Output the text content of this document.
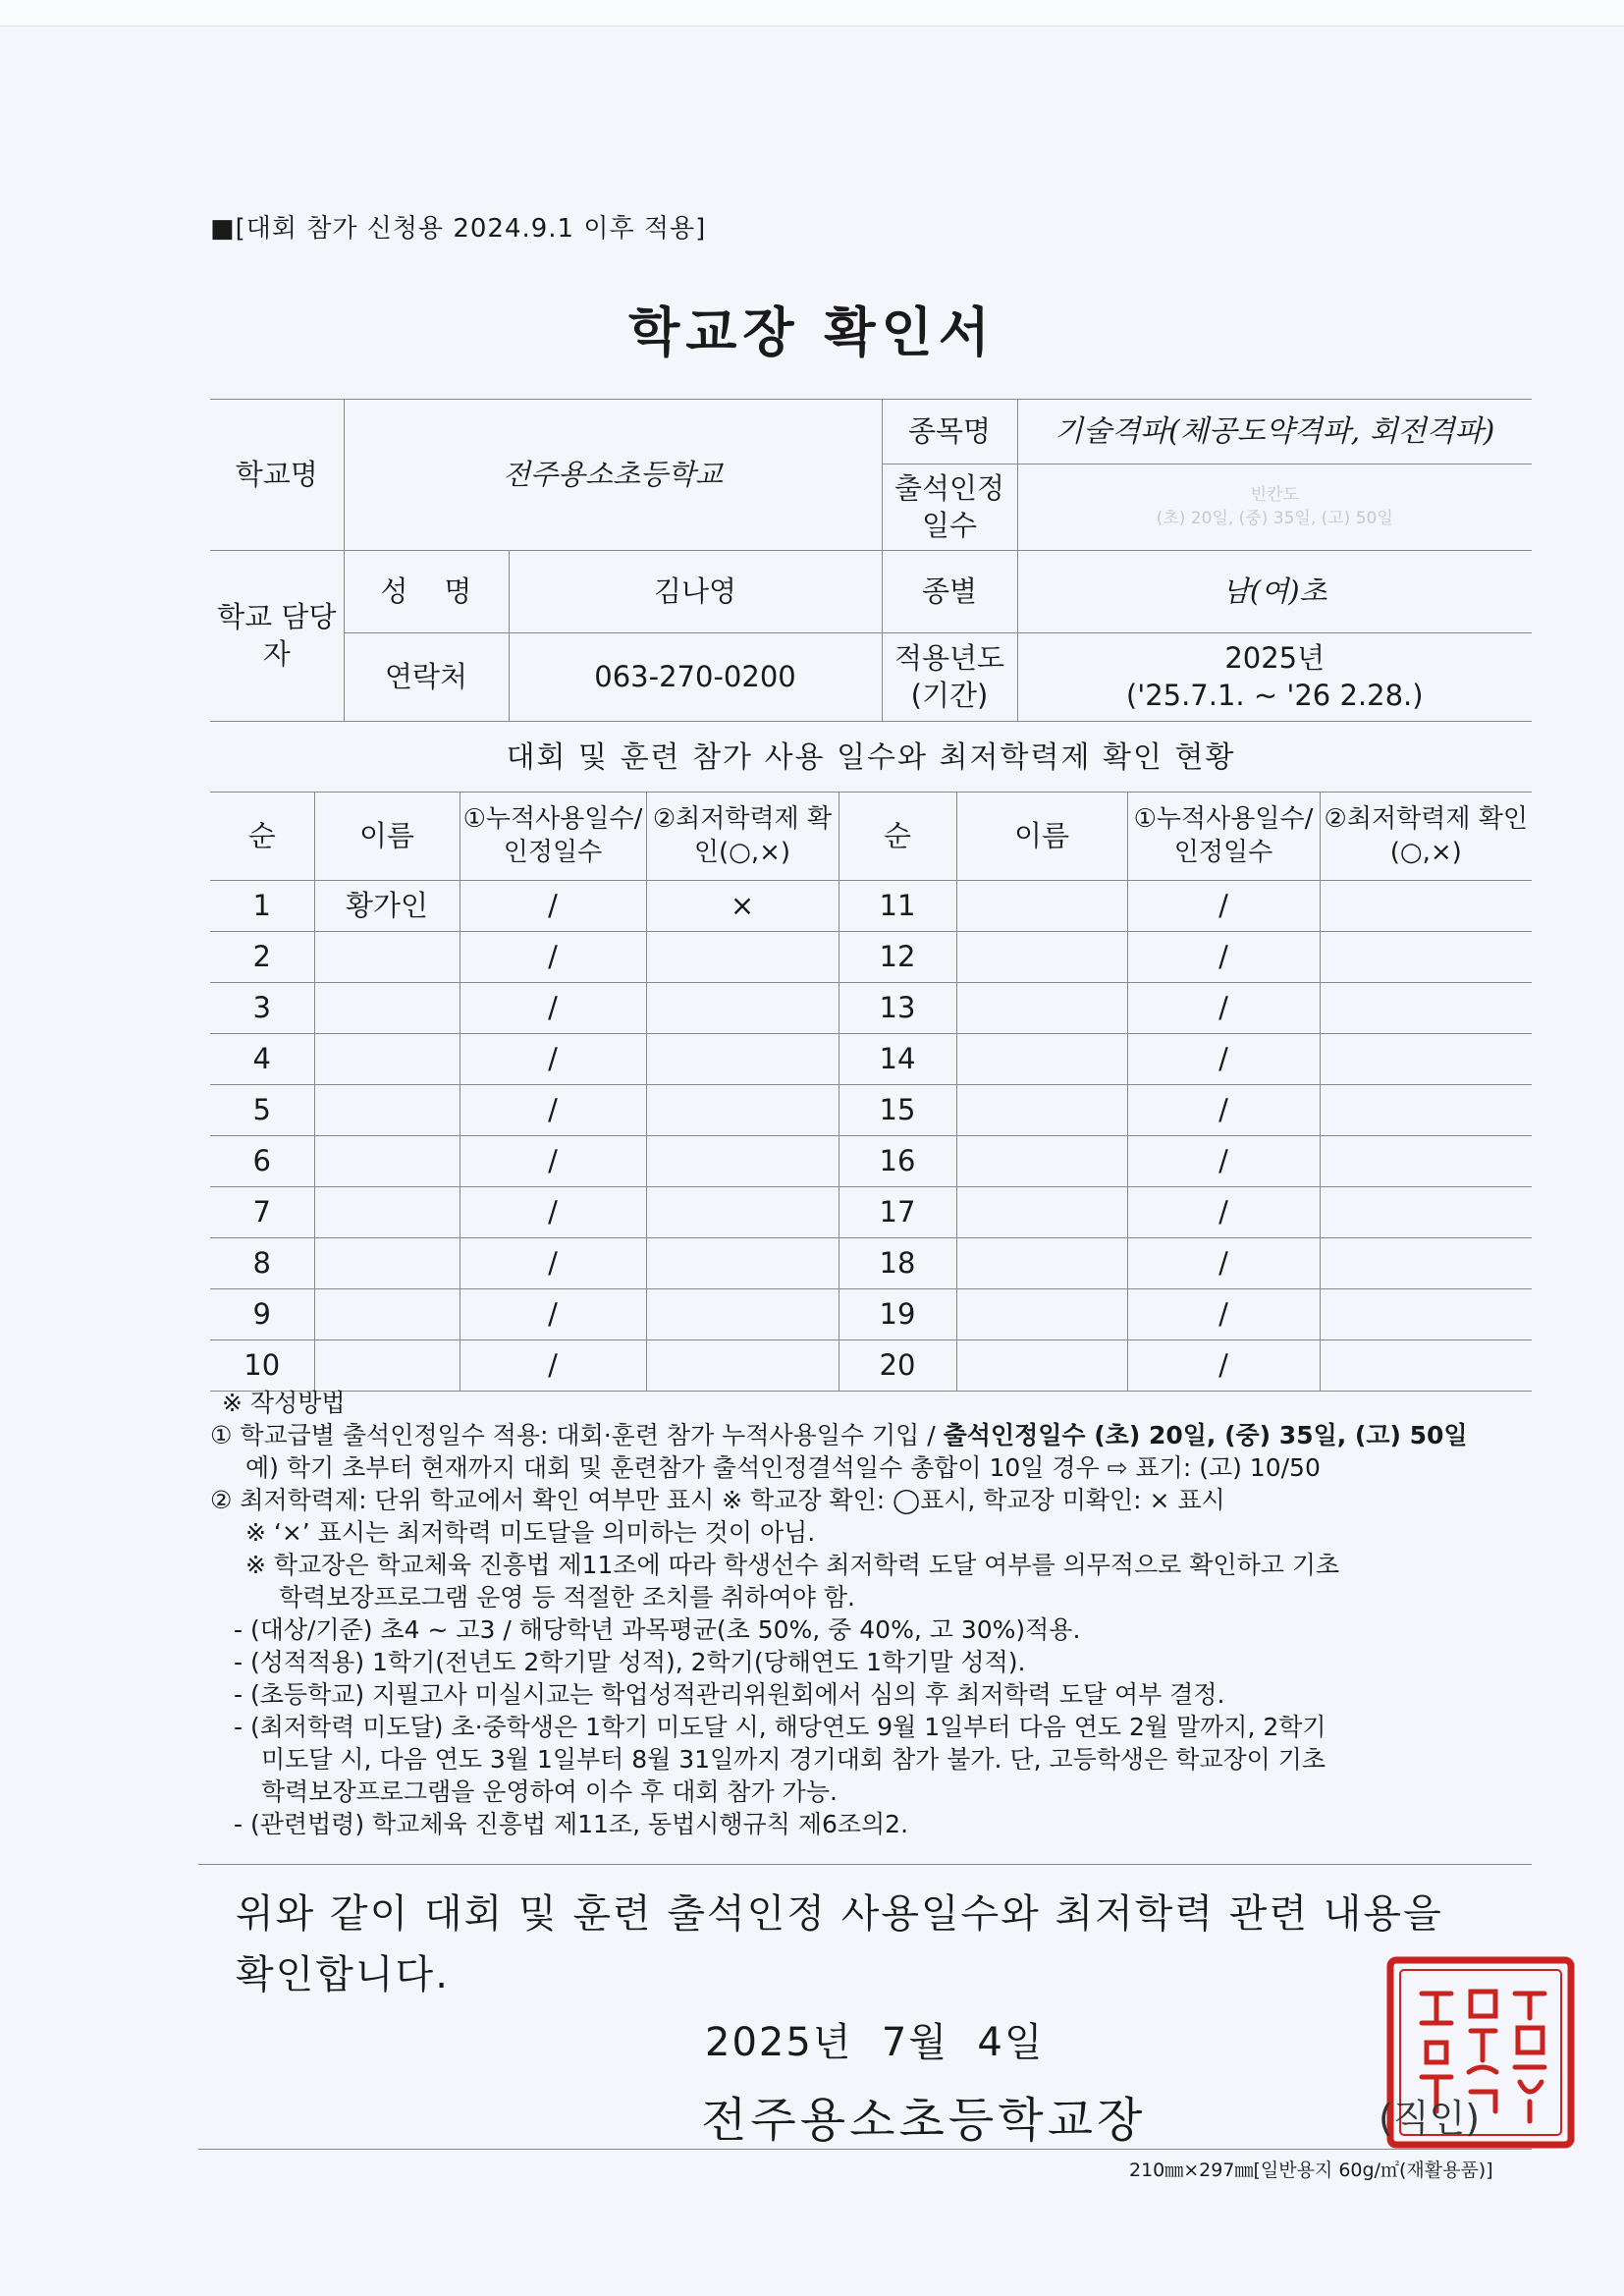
■[대회 참가 신청용 2024.9.1 이후 적용]
학교장 확인서
학교명	전주용소초등학교		종목명	기술격파(체공도약격파, 회전격파)
			출석인정 일수	빈칸도
(초) 20일, (중) 35일, (고) 50일

학교 담당자	성    명	김나영	종별	남(여)초
	연락처	063-270-0200	적용년도 (기간)	2025년
('25.7.1. ~ '26 2.28.)
대회 및 훈련 참가 사용 일수와 최저학력제 확인 현황
순	이름	①누적사용일수/인정일수	②최저학력제 확인(○,×)	순	이름	①누적사용일수/인정일수	②최저학력제 확인(○,×)
1	황가인	/	×	11		/	
2		/		12		/	
3		/		13		/	
4		/		14		/	
5		/		15		/	
6		/		16		/	
7		/		17		/	
8		/		18		/	
9		/		19		/	
10		/		20		/	
※ 작성방법
① 학교급별 출석인정일수 적용: 대회·훈련 참가 누적사용일수 기입 / 출석인정일수 (초) 20일, (중) 35일, (고) 50일
예) 학기 초부터 현재까지 대회 및 훈련참가 출석인정결석일수 총합이 10일 경우 ⇨ 표기: (고) 10/50
② 최저학력제: 단위 학교에서 확인 여부만 표시 ※ 학교장 확인: ◯표시, 학교장 미확인: × 표시
※ ‘×’ 표시는 최저학력 미도달을 의미하는 것이 아님.
※ 학교장은 학교체육 진흥법 제11조에 따라 학생선수 최저학력 도달 여부를 의무적으로 확인하고 기초
학력보장프로그램 운영 등 적절한 조치를 취하여야 함.
- (대상/기준) 초4 ~ 고3 / 해당학년 과목평균(초 50%, 중 40%, 고 30%)적용.
- (성적적용) 1학기(전년도 2학기말 성적), 2학기(당해연도 1학기말 성적).
- (초등학교) 지필고사 미실시교는 학업성적관리위원회에서 심의 후 최저학력 도달 여부 결정.
- (최저학력 미도달) 초·중학생은 1학기 미도달 시, 해당연도 9월 1일부터 다음 연도 2월 말까지, 2학기
미도달 시, 다음 연도 3월 1일부터 8월 31일까지 경기대회 참가 불가. 단, 고등학생은 학교장이 기초
학력보장프로그램을 운영하여 이수 후 대회 참가 가능.
- (관련법령) 학교체육 진흥법 제11조, 동법시행규칙 제6조의2.
위와 같이 대회 및 훈련 출석인정 사용일수와 최저학력 관련 내용을
확인합니다.
2025년  7월  4일
전주용소초등학교장	(직인)
210㎜×297㎜[일반용지 60g/㎡(재활용품)]
